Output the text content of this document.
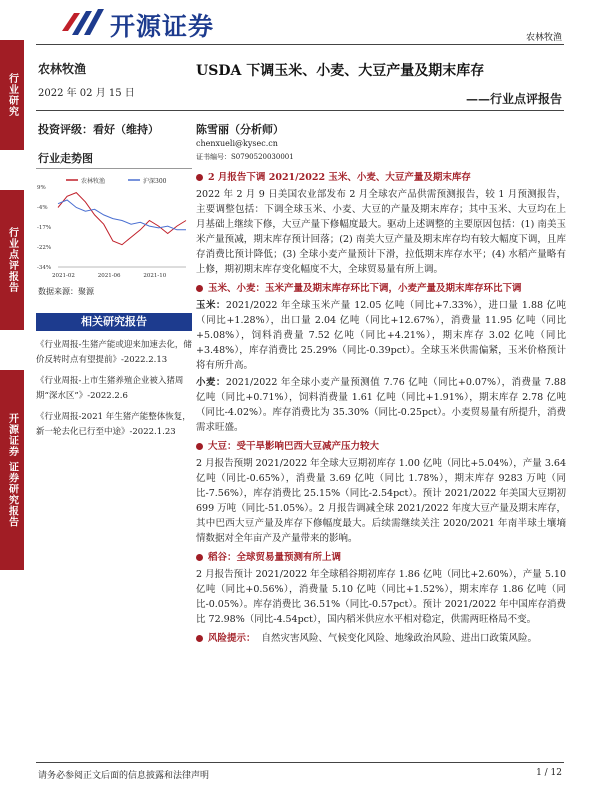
开源证券	农林牧渔
行业研究
行业点评报告
开源证券 证券研究报告
农林牧渔
2022 年 02 月 15 日
USDA 下调玉米、小麦、大豆产量及期末库存
——行业点评报告
投资评级：看好（维持）
行业走势图
陈雪丽（分析师）
chenxueli@kysec.cn
证书编号：S0790520030001
农林牧渔	沪深300
9%
-4%
-17%
-22%
-34%
2021-02	2021-06	2021-10
数据来源：聚源
相关研究报告
《行业周报-生猪产能或迎来加速去化，储价反转时点有望提前》-2022.2.13
《行业周报-上市生猪养殖企业被入猪周期“深水区”》-2022.2.6
《行业周报-2021 年生猪产能整体恢复，新一轮去化已行至中途》-2022.1.23
2 月报告下调 2021/2022 玉米、小麦、大豆产量及期末库存
2022 年 2 月 9 日美国农业部发布 2 月全球农产品供需预测报告，较 1 月预测报告，主要调整包括：下调全球玉米、小麦、大豆的产量及期末库存；其中玉米、大豆均在上月基础上继续下修，大豆产量下修幅度最大。驱动上述调整的主要原因包括：(1) 南美玉米产量预减，期末库存预计回落；(2) 南美大豆产量及期末库存均有较大幅度下调，且库存消费比预计降低；(3) 全球小麦产量预计下滑，拉低期末库存水平；(4) 水稻产量略有上修，期初期末库存变化幅度不大，全球贸易量有所上调。
玉米、小麦：玉米产量及期末库存环比下调，小麦产量及期末库存环比下调
玉米：2021/2022 年全球玉米产量 12.05 亿吨（同比+7.33%），进口量 1.88 亿吨（同比+1.28%），出口量 2.04 亿吨（同比+12.67%），消费量 11.95 亿吨（同比+5.08%），饲料消费量 7.52 亿吨（同比+4.21%），期末库存 3.02 亿吨（同比+3.48%），库存消费比 25.29%（同比-0.39pct）。全球玉米供需偏紧，玉米价格预计将有所升高。
小麦：2021/2022 年全球小麦产量预测值 7.76 亿吨（同比+0.07%），消费量 7.88 亿吨（同比+0.71%），饲料消费量 1.61 亿吨（同比+1.91%），期末库存 2.78 亿吨（同比-4.02%）。库存消费比为 35.30%（同比-0.25pct）。小麦贸易量有所提升，消费需求旺盛。
大豆：受干旱影响巴西大豆减产压力较大
2 月报告预期 2021/2022 年全球大豆期初库存 1.00 亿吨（同比+5.04%），产量 3.64 亿吨（同比-0.65%），消费量 3.69 亿吨（同比 1.78%），期末库存 9283 万吨（同比-7.56%），库存消费比 25.15%（同比-2.54pct）。预计 2021/2022 年美国大豆期初 699 万吨（同比-51.05%）。2 月报告调减全球 2021/2022 年度大豆产量及期末库存，其中巴西大豆产量及库存下修幅度最大。后续需继续关注 2020/2021 年南半球土壤墒情数据对全年亩产及产量带来的影响。
稻谷：全球贸易量预测有所上调
2 月报告预计 2021/2022 年全球稻谷期初库存 1.86 亿吨（同比+2.60%），产量 5.10 亿吨（同比+0.56%），消费量 5.10 亿吨（同比+1.52%），期末库存 1.86 亿吨（同比-0.05%）。库存消费比 36.51%（同比-0.57pct）。预计 2021/2022 年中国库存消费比 72.98%（同比-4.54pct），国内稻米供应水平相对稳定，供需两旺格局不变。
风险提示： 自然灾害风险、气候变化风险、地缘政治风险、进出口政策风险。
请务必参阅正文后面的信息披露和法律声明	1 / 12
